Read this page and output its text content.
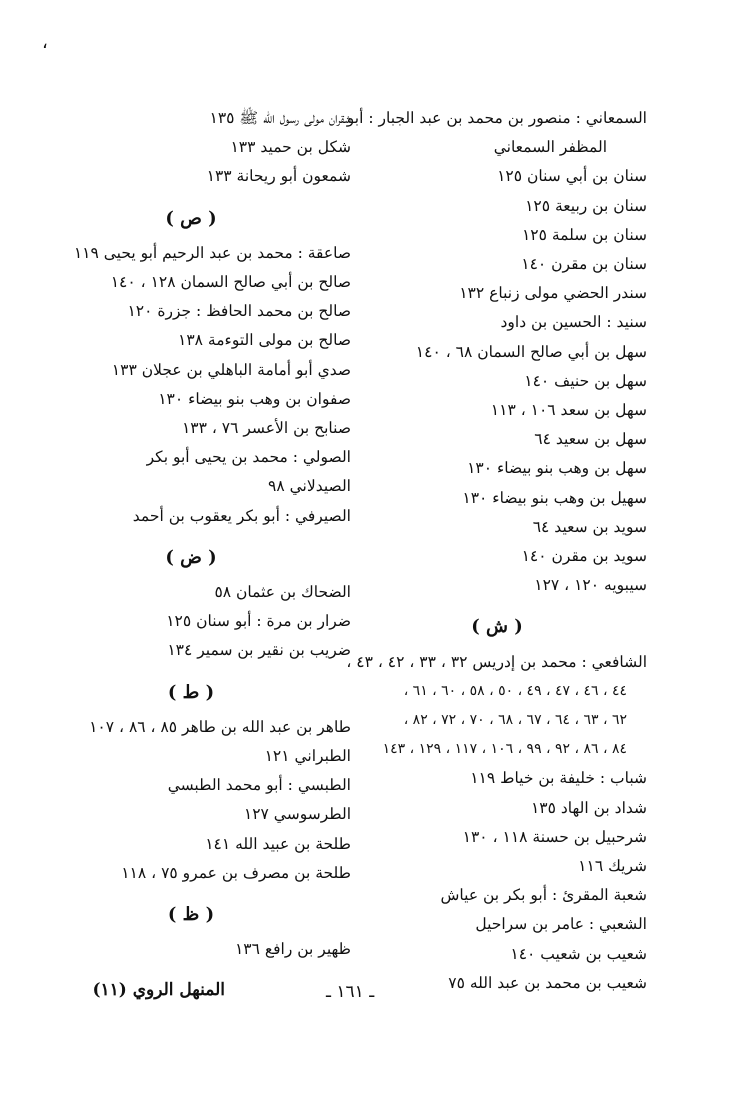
،
السمعاني : منصور بن محمد بن عبد الجبار : أبو
المظفر السمعاني
سنان بن أبي سنان ١٢٥
سنان بن ربيعة ١٢٥
سنان بن سلمة ١٢٥
سنان بن مقرن ١٤٠
سندر الحضي مولى زنباع ١٣٢
سنيد : الحسين بن داود
سهل بن أبي صالح السمان ٦٨ ، ١٤٠
سهل بن حنيف ١٤٠
سهل بن سعد ١٠٦ ، ١١٣
سهل بن سعيد ٦٤
سهل بن وهب بنو بيضاء ١٣٠
سهيل بن وهب بنو بيضاء ١٣٠
سويد بن سعيد ٦٤
سويد بن مقرن ١٤٠
سيبويه ١٢٠ ، ١٢٧
( ش )
الشافعي : محمد بن إدريس ٣٢ ، ٣٣ ، ٤٢ ، ٤٣ ،
٤٤ ، ٤٦ ، ٤٧ ، ٤٩ ، ٥٠ ، ٥٨ ، ٦٠ ، ٦١ ،
٦٢ ، ٦٣ ، ٦٤ ، ٦٧ ، ٦٨ ، ٧٠ ، ٧٢ ، ٨٢ ،
٨٤ ، ٨٦ ، ٩٢ ، ٩٩ ، ١٠٦ ، ١١٧ ، ١٢٩ ، ١٤٣
شباب : خليفة بن خياط ١١٩
شداد بن الهاد ١٣٥
شرحبيل بن حسنة ١١٨ ، ١٣٠
شريك ١١٦
شعبة المقرئ : أبو بكر بن عياش
الشعبي : عامر بن سراحيل
شعيب بن شعيب ١٤٠
شعيب بن محمد بن عبد الله ٧٥
شقران مولى رسول الله ﷺ ١٣٥
شكل بن حميد ١٣٣
شمعون أبو ريحانة ١٣٣
( ص )
صاعقة : محمد بن عبد الرحيم أبو يحيى ١١٩
صالح بن أبي صالح السمان ١٢٨ ، ١٤٠
صالح بن محمد الحافظ : جزرة ١٢٠
صالح بن مولى التوءمة ١٣٨
صدي أبو أمامة الباهلي بن عجلان ١٣٣
صفوان بن وهب بنو بيضاء ١٣٠
صنابح بن الأعسر ٧٦ ، ١٣٣
الصولي : محمد بن يحيى أبو بكر
الصيدلاني ٩٨
الصيرفي : أبو بكر يعقوب بن أحمد
( ض )
الضحاك بن عثمان ٥٨
ضرار بن مرة : أبو سنان ١٢٥
ضريب بن نقير بن سمير ١٣٤
( ط )
طاهر بن عبد الله بن طاهر ٨٥ ، ٨٦ ، ١٠٧
الطبراني ١٢١
الطبسي : أبو محمد الطبسي
الطرسوسي ١٢٧
طلحة بن عبيد الله ١٤١
طلحة بن مصرف بن عمرو ٧٥ ، ١١٨
( ظ )
ظهير بن رافع ١٣٦
المنهل الروي (١١)	ـ ١٦١ ـ
